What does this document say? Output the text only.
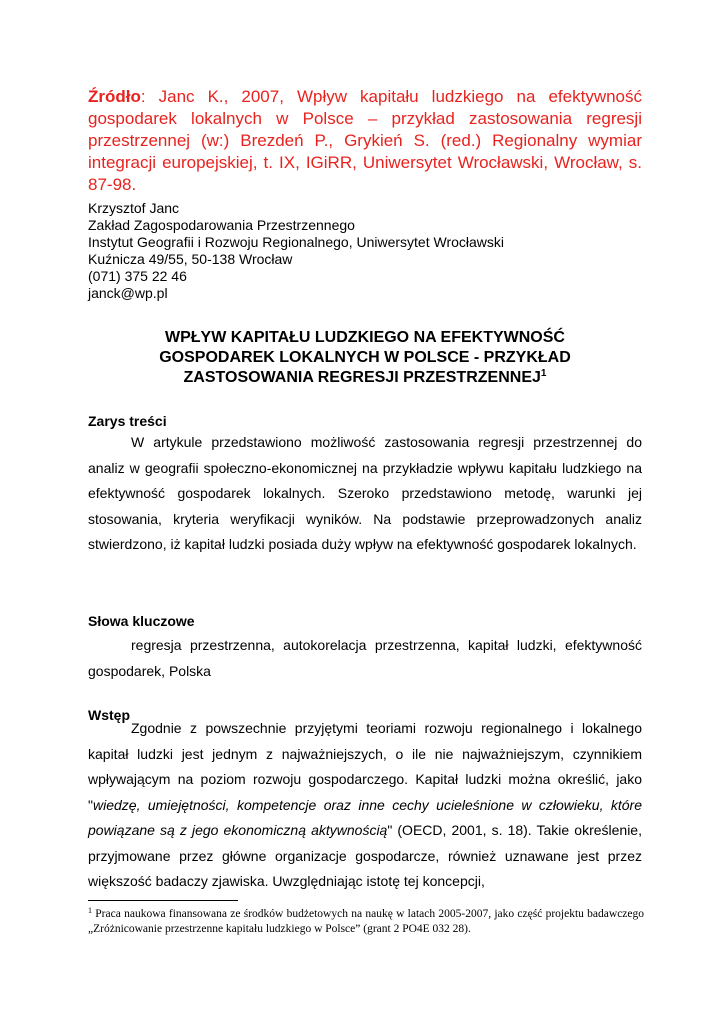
Źródło: Janc K., 2007, Wpływ kapitału ludzkiego na efektywność gospodarek lokalnych w Polsce – przykład zastosowania regresji przestrzennej (w:) Brezdeń P., Grykień S. (red.) Regionalny wymiar integracji europejskiej, t. IX, IGiRR, Uniwersytet Wrocławski, Wrocław, s. 87-98.
Krzysztof Janc
Zakład Zagospodarowania Przestrzennego
Instytut Geografii i Rozwoju Regionalnego, Uniwersytet Wrocławski
Kuźnicza 49/55, 50-138 Wrocław
(071) 375 22 46
janck@wp.pl
WPŁYW KAPITAŁU LUDZKIEGO NA EFEKTYWNOŚĆ
GOSPODAREK LOKALNYCH W POLSCE - PRZYKŁAD
ZASTOSOWANIA REGRESJI PRZESTRZENNEJ$^1$
Zarys treści
W artykule przedstawiono możliwość zastosowania regresji przestrzennej do analiz w geografii społeczno-ekonomicznej na przykładzie wpływu kapitału ludzkiego na efektywność gospodarek lokalnych. Szeroko przedstawiono metodę, warunki jej stosowania, kryteria weryfikacji wyników. Na podstawie przeprowadzonych analiz stwierdzono, iż kapitał ludzki posiada duży wpływ na efektywność gospodarek lokalnych.
Słowa kluczowe
regresja przestrzenna, autokorelacja przestrzenna, kapitał ludzki, efektywność gospodarek, Polska
Wstęp
Zgodnie z powszechnie przyjętymi teoriami rozwoju regionalnego i lokalnego kapitał ludzki jest jednym z najważniejszych, o ile nie najważniejszym, czynnikiem wpływającym na poziom rozwoju gospodarczego. Kapitał ludzki można określić, jako "wiedzę, umiejętności, kompetencje oraz inne cechy ucieleśnione w człowieku, które powiązane są z jego ekonomiczną aktywnością" (OECD, 2001, s. 18). Takie określenie, przyjmowane przez główne organizacje gospodarcze, również uznawane jest przez większość badaczy zjawiska. Uwzględniając istotę tej koncepcji,
$^1$ Praca naukowa finansowana ze środków budżetowych na naukę w latach 2005-2007, jako część projektu badawczego „Zróżnicowanie przestrzenne kapitału ludzkiego w Polsce” (grant 2 PO4E 032 28).
